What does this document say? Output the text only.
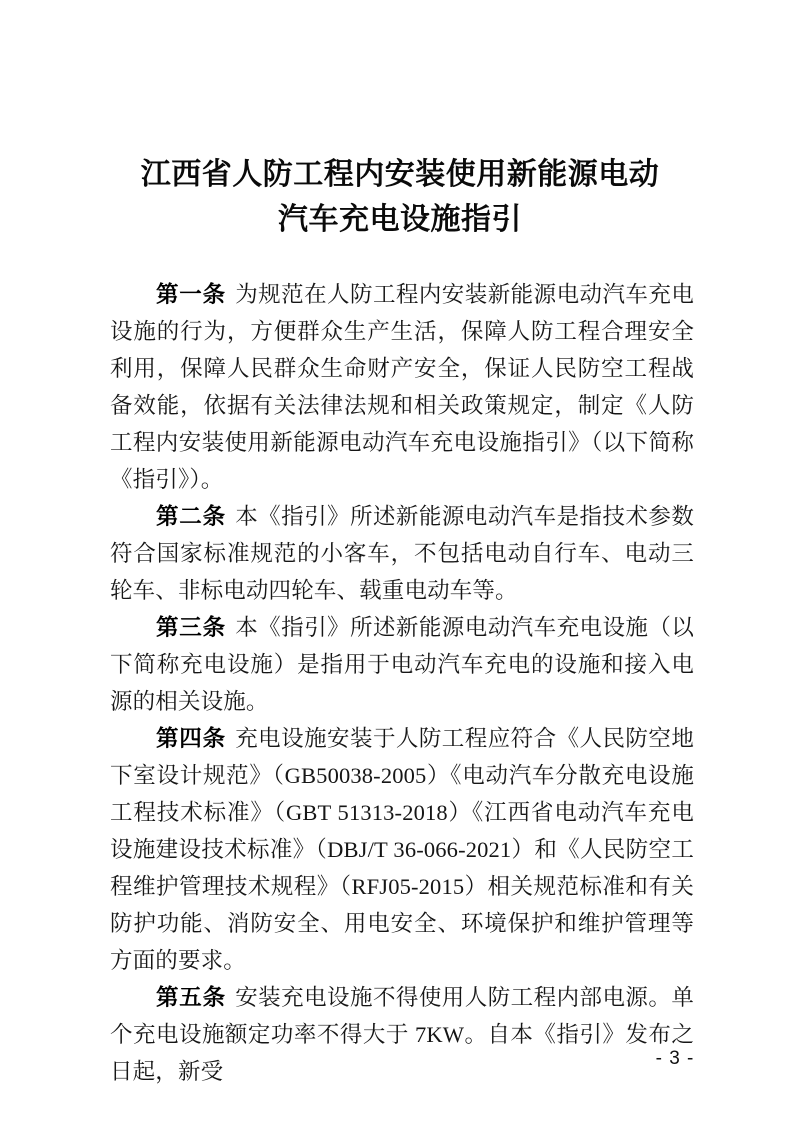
江西省人防工程内安装使用新能源电动
汽车充电设施指引

第一条 为规范在人防工程内安装新能源电动汽车充电设施的行为，方便群众生产生活，保障人防工程合理安全利用，保障人民群众生命财产安全，保证人民防空工程战备效能，依据有关法律法规和相关政策规定，制定《人防工程内安装使用新能源电动汽车充电设施指引》（以下简称《指引》）。

第二条 本《指引》所述新能源电动汽车是指技术参数符合国家标准规范的小客车，不包括电动自行车、电动三轮车、非标电动四轮车、载重电动车等。

第三条 本《指引》所述新能源电动汽车充电设施（以下简称充电设施）是指用于电动汽车充电的设施和接入电源的相关设施。

第四条 充电设施安装于人防工程应符合《人民防空地下室设计规范》（GB50038-2005）《电动汽车分散充电设施工程技术标准》（GBT 51313-2018）《江西省电动汽车充电设施建设技术标准》（DBJ/T 36-066-2021）和《人民防空工程维护管理技术规程》（RFJ05-2015）相关规范标准和有关防护功能、消防安全、用电安全、环境保护和维护管理等方面的要求。

第五条 安装充电设施不得使用人防工程内部电源。单个充电设施额定功率不得大于 7KW。自本《指引》发布之日起，新受

- 3 -
